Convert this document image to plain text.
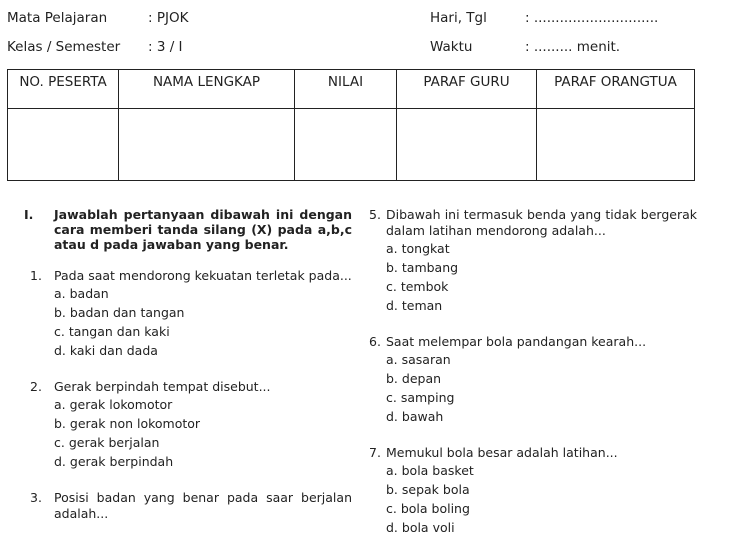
Mata Pelajaran	: PJOK	Hari, Tgl	: .............................
Kelas / Semester : 3 / I	Waktu	: ......... menit.
NO. PESERTA	NAMA LENGKAP	NILAI	PARAF GURU	PARAF ORANGTUA

I.	Jawablah pertanyaan dibawah ini dengan cara memberi tanda silang (X) pada a,b,c atau d pada jawaban yang benar.
1. Pada saat mendorong kekuatan terletak pada...
a. badan
b. badan dan tangan
c. tangan dan kaki
d. kaki dan dada
2. Gerak berpindah tempat disebut...
a. gerak lokomotor
b. gerak non lokomotor
c. gerak berjalan
d. gerak berpindah
3. Posisi badan yang benar pada saar berjalan adalah...
5. Dibawah ini termasuk benda yang tidak bergerak dalam latihan mendorong adalah...
a. tongkat
b. tambang
c. tembok
d. teman
6. Saat melempar bola pandangan kearah...
a. sasaran
b. depan
c. samping
d. bawah
7. Memukul bola besar adalah latihan...
a. bola basket
b. sepak bola
c. bola boling
d. bola voli
